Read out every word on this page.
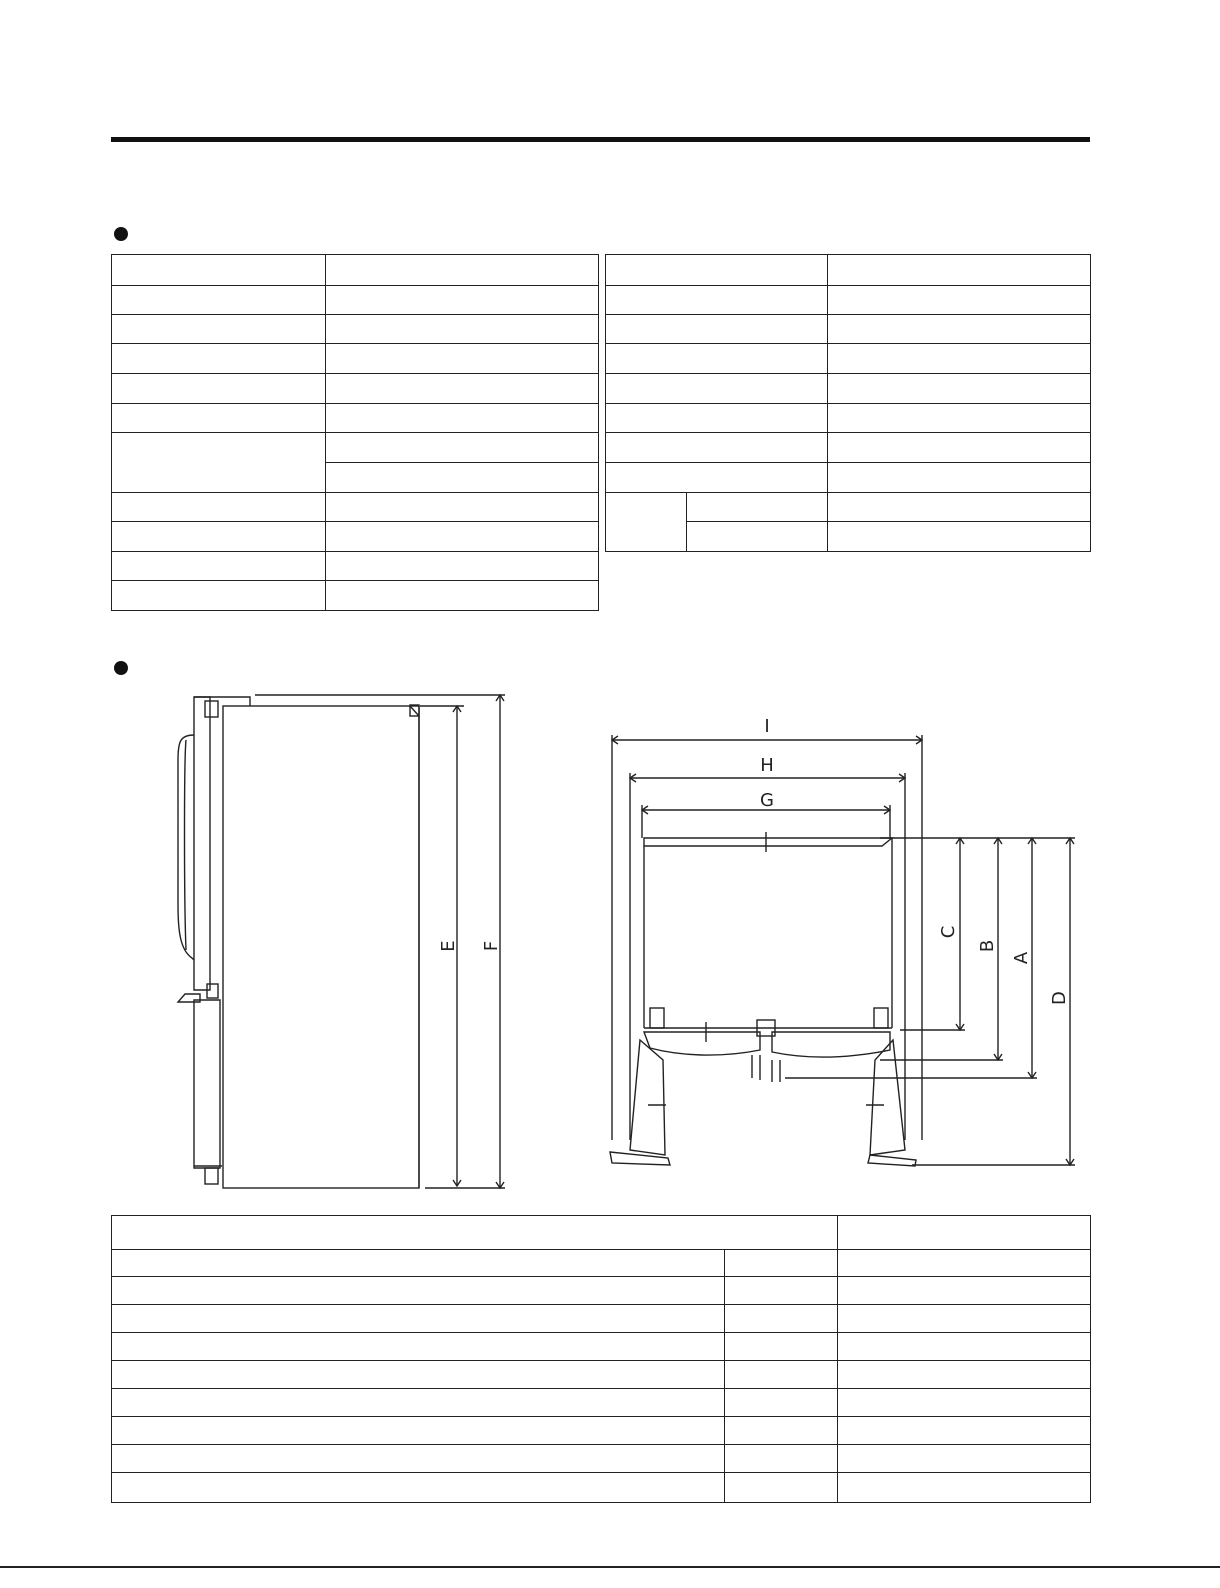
E F
I
H
G
C
B
A
D
